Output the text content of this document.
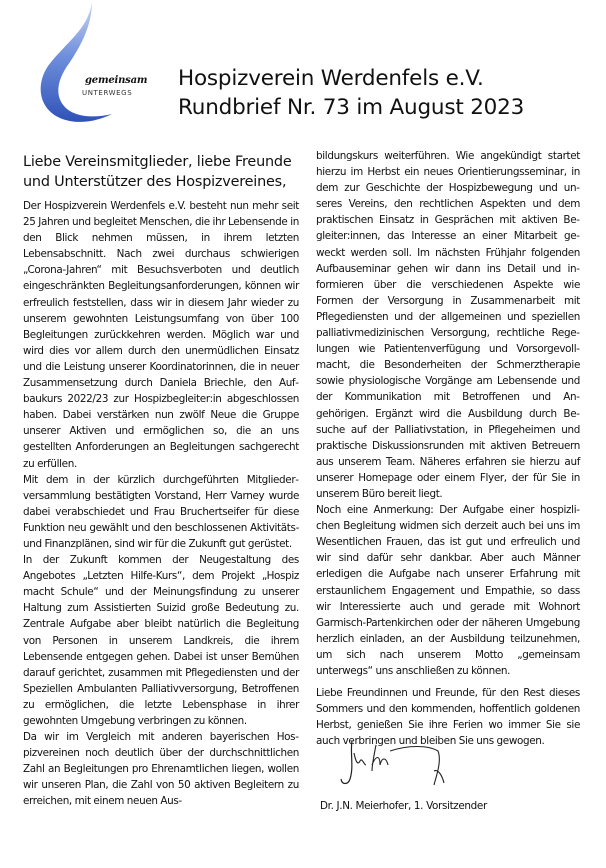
gemeinsam
UNTERWEGS
Hospizverein Werdenfels e.V.
Rundbrief Nr. 73 im August 2023
Liebe Vereinsmitglieder, liebe Freunde und Unterstützer des Hospizvereines,

Der Hospizverein Werdenfels e.V. besteht nun mehr seit 25 Jahren und begleitet Menschen, die ihr Lebensende in den Blick nehmen müssen, in ihrem letzten Lebensabschnitt. Nach zwei durchaus schwierigen „Corona-Jahren“ mit Besuchsverboten und deutlich eingeschränkten Begleitungsanforderungen, können wir erfreulich feststellen, dass wir in diesem Jahr wieder zu unserem gewohnten Leistungsumfang von über 100 Begleitungen zurückkehren werden. Möglich war und wird dies vor allem durch den unermüdlichen Einsatz und die Leistung unserer Koordinatorinnen, die in neuer Zusammensetzung durch Daniela Briechle, den Aufbaukurs 2022/23 zur Hospizbegleiter:in abgeschlossen haben. Dabei verstärken nun zwölf Neue die Gruppe unserer Aktiven und ermöglichen so, die an uns gestellten Anforderungen an Begleitungen sachgerecht zu erfüllen.

Mit dem in der kürzlich durchgeführten Mitgliederversammlung bestätigten Vorstand, Herr Varney wurde dabei verabschiedet und Frau Bruchertseifer für diese Funktion neu gewählt und den beschlossenen Aktivitäts- und Finanzplänen, sind wir für die Zukunft gut gerüstet.

In der Zukunft kommen der Neugestaltung des Angebotes „Letzten Hilfe-Kurs“, dem Projekt „Hospiz macht Schule“ und der Meinungsfindung zu unserer Haltung zum Assistierten Suizid große Bedeutung zu. Zentrale Aufgabe aber bleibt natürlich die Begleitung von Personen in unserem Landkreis, die ihrem Lebensende entgegen gehen. Dabei ist unser Bemühen darauf gerichtet, zusammen mit Pflegediensten und der Speziellen Ambulanten Palliativversorgung, Betroffenen zu ermöglichen, die letzte Lebensphase in ihrer gewohnten Umgebung verbringen zu können.

Da wir im Vergleich mit anderen bayerischen Hospizvereinen noch deutlich über der durchschnittlichen Zahl an Begleitungen pro Ehrenamtlichen liegen, wollen wir unseren Plan, die Zahl von 50 aktiven Begleitern zu erreichen, mit einem neuen Aus-

bildungskurs weiterführen. Wie angekündigt startet hierzu im Herbst ein neues Orientierungsseminar, in dem zur Geschichte der Hospizbewegung und unseres Vereins, den rechtlichen Aspekten und dem praktischen Einsatz in Gesprächen mit aktiven Begleiter:innen, das Interesse an einer Mitarbeit geweckt werden soll. Im nächsten Frühjahr folgenden Aufbauseminar gehen wir dann ins Detail und informieren über die verschiedenen Aspekte wie Formen der Versorgung in Zusammenarbeit mit Pflegediensten und der allgemeinen und speziellen palliativmedizinischen Versorgung, rechtliche Regelungen wie Patientenverfügung und Vorsorgevollmacht, die Besonderheiten der Schmerztherapie sowie physiologische Vorgänge am Lebensende und der Kommunikation mit Betroffenen und Angehörigen. Ergänzt wird die Ausbildung durch Besuche auf der Palliativstation, in Pflegeheimen und praktische Diskussionsrunden mit aktiven Betreuern aus unserem Team. Näheres erfahren sie hierzu auf unserer Homepage oder einem Flyer, der für Sie in unserem Büro bereit liegt.

Noch eine Anmerkung: Der Aufgabe einer hospizlichen Begleitung widmen sich derzeit auch bei uns im Wesentlichen Frauen, das ist gut und erfreulich und wir sind dafür sehr dankbar. Aber auch Männer erledigen die Aufgabe nach unserer Erfahrung mit erstaunlichem Engagement und Empathie, so dass wir Interessierte auch und gerade mit Wohnort Garmisch-Partenkirchen oder der näheren Umgebung herzlich einladen, an der Ausbildung teilzunehmen, um sich nach unserem Motto „gemeinsam unterwegs“ uns anschließen zu können.

Liebe Freundinnen und Freunde, für den Rest dieses Sommers und den kommenden, hoffentlich goldenen Herbst, genießen Sie ihre Ferien wo immer Sie sie auch verbringen und bleiben Sie uns gewogen.

Dr. J.N. Meierhofer, 1. Vorsitzender
